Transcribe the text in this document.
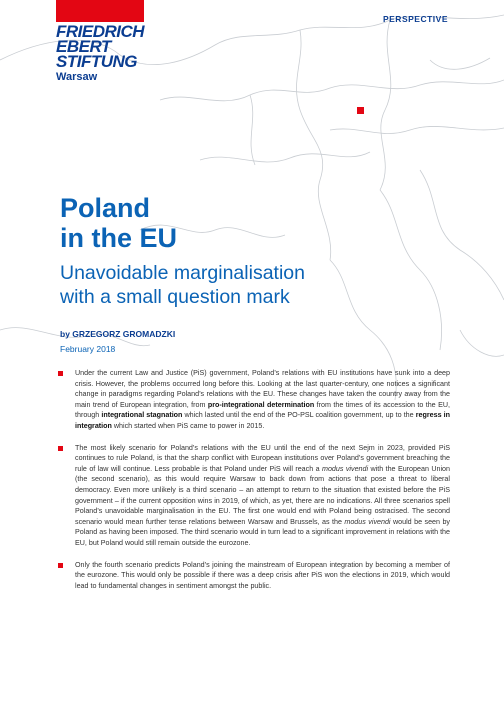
FRIEDRICH
EBERT
STIFTUNG
Warsaw
PERSPECTIVE
Poland
in the EU
Unavoidable marginalisation
with a small question mark
by GRZEGORZ GROMADZKI
February 2018
Under the current Law and Justice (PiS) government, Poland’s relations with EU institutions have sunk into a deep crisis. However, the problems occurred long before this. Looking at the last quarter-century, one notices a significant change in paradigms regarding Poland’s relations with the EU. These changes have taken the country away from the main trend of European integration, from pro-integrational determination from the times of its accession to the EU, through integrational stagnation which lasted until the end of the PO-PSL coalition government, up to the regress in integration which started when PiS came to power in 2015.
The most likely scenario for Poland’s relations with the EU until the end of the next Sejm in 2023, provided PiS continues to rule Poland, is that the sharp conflict with European institutions over Poland’s government breaching the rule of law will continue. Less probable is that Poland under PiS will reach a modus vivendi with the European Union (the second scenario), as this would require Warsaw to back down from actions that pose a threat to liberal democracy. Even more unlikely is a third scenario – an attempt to return to the situation that existed before the PiS government – if the current opposition wins in 2019, of which, as yet, there are no indications. All three scenarios spell Poland’s unavoidable marginalisation in the EU. The first one would end with Poland being ostracised. The second scenario would mean further tense relations between Warsaw and Brussels, as the modus vivendi would be seen by Poland as having been imposed. The third scenario would in turn lead to a significant improvement in relations with the EU, but Poland would still remain outside the eurozone.
Only the fourth scenario predicts Poland’s joining the mainstream of European integration by becoming a member of the eurozone. This would only be possible if there was a deep crisis after PiS won the elections in 2019, which would lead to fundamental changes in sentiment amongst the public.
